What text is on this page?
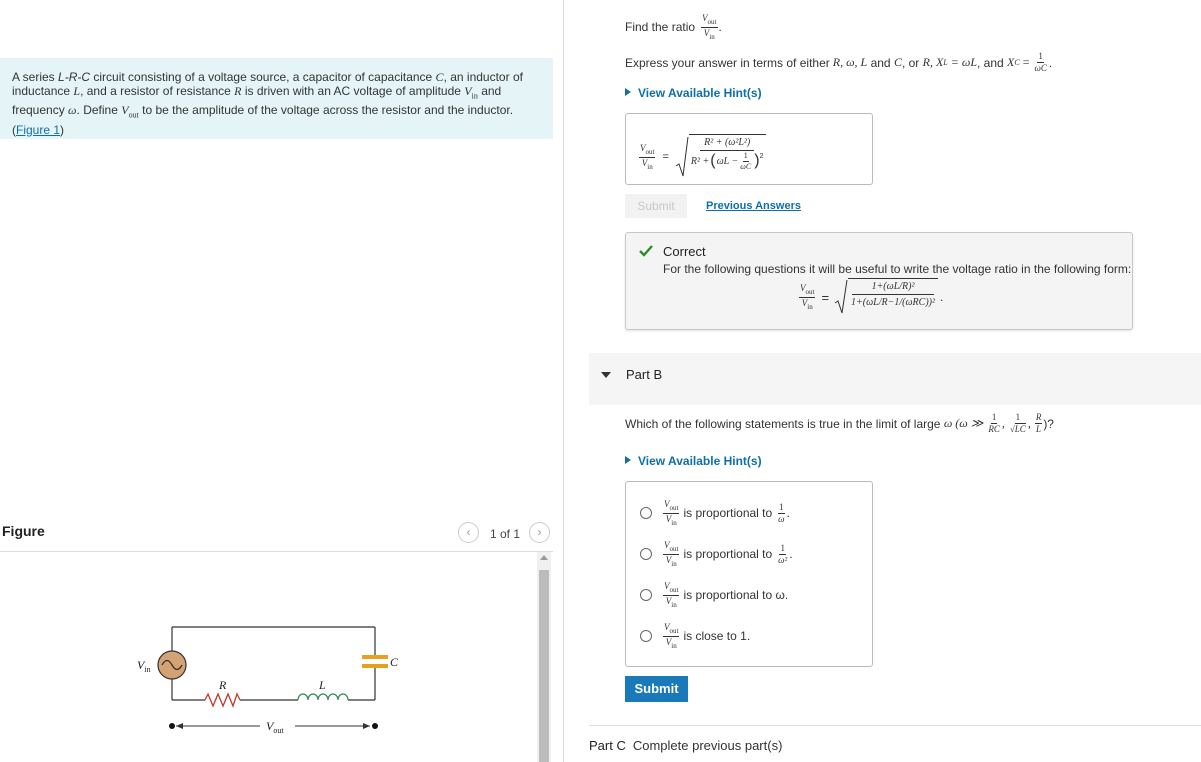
A series L-R-C circuit consisting of a voltage source, a capacitor of capacitance C, an inductor of inductance L, and a resistor of resistance R is driven with an AC voltage of amplitude $V_{in}$ and frequency ω. Define $V_{out}$ to be the amplitude of the voltage across the resistor and the inductor. (Figure 1)
Figure	‹	1 of 1	›
$V_{in}$
R	L
C
$V_{out}$
Find the ratio $\frac{V_{out}}{V_{in}}$ .
Express your answer in terms of either R, ω, L and C , or R, X L = ωL , and X $C = \frac{1}{\omega C}$ .
View Available Hint(s)
$\frac{V_{out}}{V_{in}} = \frac{\text{R² + (ω²L²)}}{R^2 + ( \omega L - \frac{1}{\omega C} )^2}$
Submit	Previous Answers
Correct
For the following questions it will be useful to write the voltage ratio in the following form:
$\frac{V_{out}}{V_{in}}$ =
1+(ωL/R)²
1+(ωL/R−1/(ωRC))² .
Part B
Which of the following statements is true in the limit of large ω (ω ≫ $\frac{1}{RC}$ , $\frac{1}{√LC}$ , $\frac{R}{L}$ )?
View Available Hint(s)
$\frac{V_{out}}{V_{in}}$ is proportional to $\frac{1}{\omega}$ .
$\frac{V_{out}}{V_{in}}$ is proportional to $\frac{1}{\text{ω²}}$ .
$\frac{V_{out}}{V_{in}}$ is proportional to ω.
$\frac{V_{out}}{V_{in}}$ is close to 1.
Submit
Part C Complete previous part(s)
